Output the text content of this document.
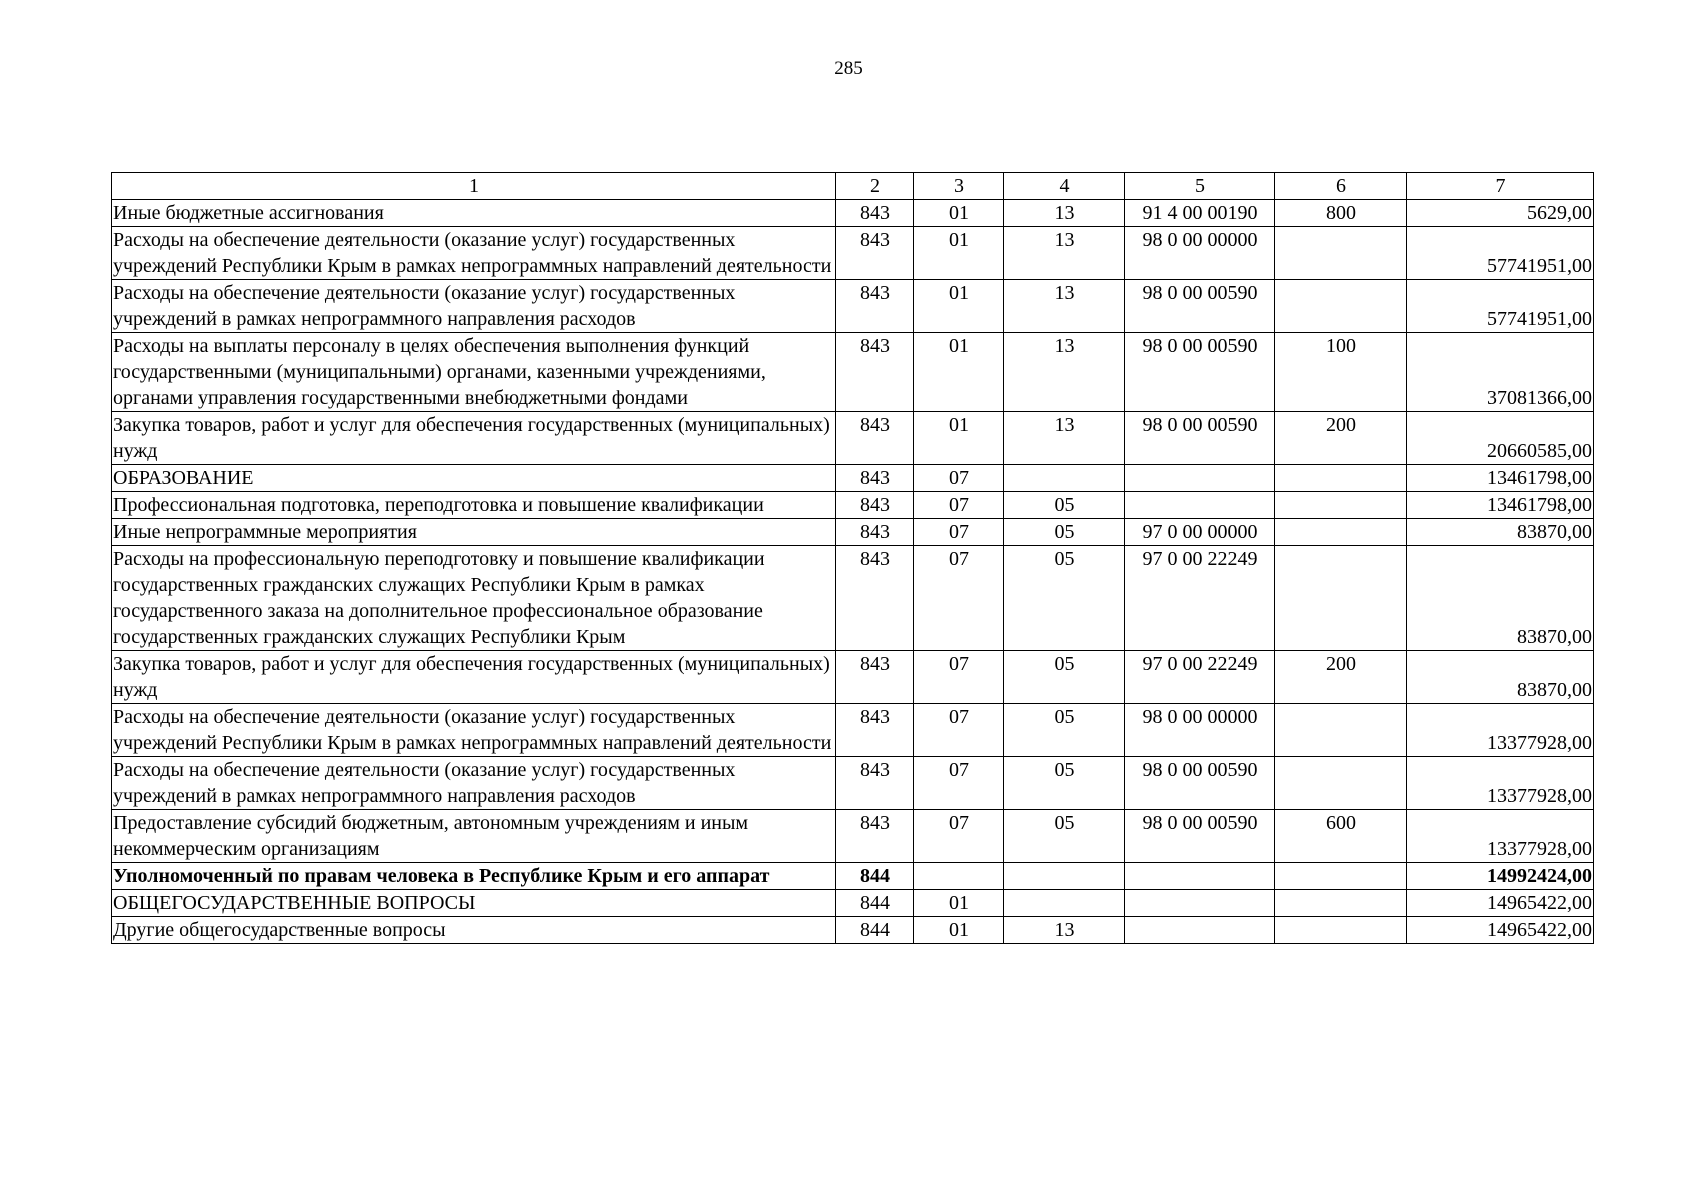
285
1	2	3	4	5	6	7
Иные бюджетные ассигнования	843	01	13	91 4 00 00190	800	5629,00
Расходы на обеспечение деятельности (оказание услуг) государственных учреждений Республики Крым в рамках непрограммных направлений деятельности	843	01	13	98 0 00 00000		57741951,00
Расходы на обеспечение деятельности (оказание услуг) государственных учреждений в рамках непрограммного направления расходов	843	01	13	98 0 00 00590		57741951,00
Расходы на выплаты персоналу в целях обеспечения выполнения функций государственными (муниципальными) органами, казенными учреждениями, органами управления государственными внебюджетными фондами	843	01	13	98 0 00 00590	100	37081366,00
Закупка товаров, работ и услуг для обеспечения государственных (муниципальных) нужд	843	01	13	98 0 00 00590	200	20660585,00
ОБРАЗОВАНИЕ	843	07				13461798,00
Профессиональная подготовка, переподготовка и повышение квалификации	843	07	05			13461798,00
Иные непрограммные мероприятия	843	07	05	97 0 00 00000		83870,00
Расходы на профессиональную переподготовку и повышение квалификации государственных гражданских служащих Республики Крым в рамках государственного заказа на дополнительное профессиональное образование государственных гражданских служащих Республики Крым	843	07	05	97 0 00 22249		83870,00
Закупка товаров, работ и услуг для обеспечения государственных (муниципальных) нужд	843	07	05	97 0 00 22249	200	83870,00
Расходы на обеспечение деятельности (оказание услуг) государственных учреждений Республики Крым в рамках непрограммных направлений деятельности	843	07	05	98 0 00 00000		13377928,00
Расходы на обеспечение деятельности (оказание услуг) государственных учреждений в рамках непрограммного направления расходов	843	07	05	98 0 00 00590		13377928,00
Предоставление субсидий бюджетным, автономным учреждениям и иным некоммерческим организациям	843	07	05	98 0 00 00590	600	13377928,00
Уполномоченный по правам человека в Республике Крым и его аппарат	844					14992424,00
ОБЩЕГОСУДАРСТВЕННЫЕ ВОПРОСЫ	844	01				14965422,00
Другие общегосударственные вопросы	844	01	13			14965422,00
